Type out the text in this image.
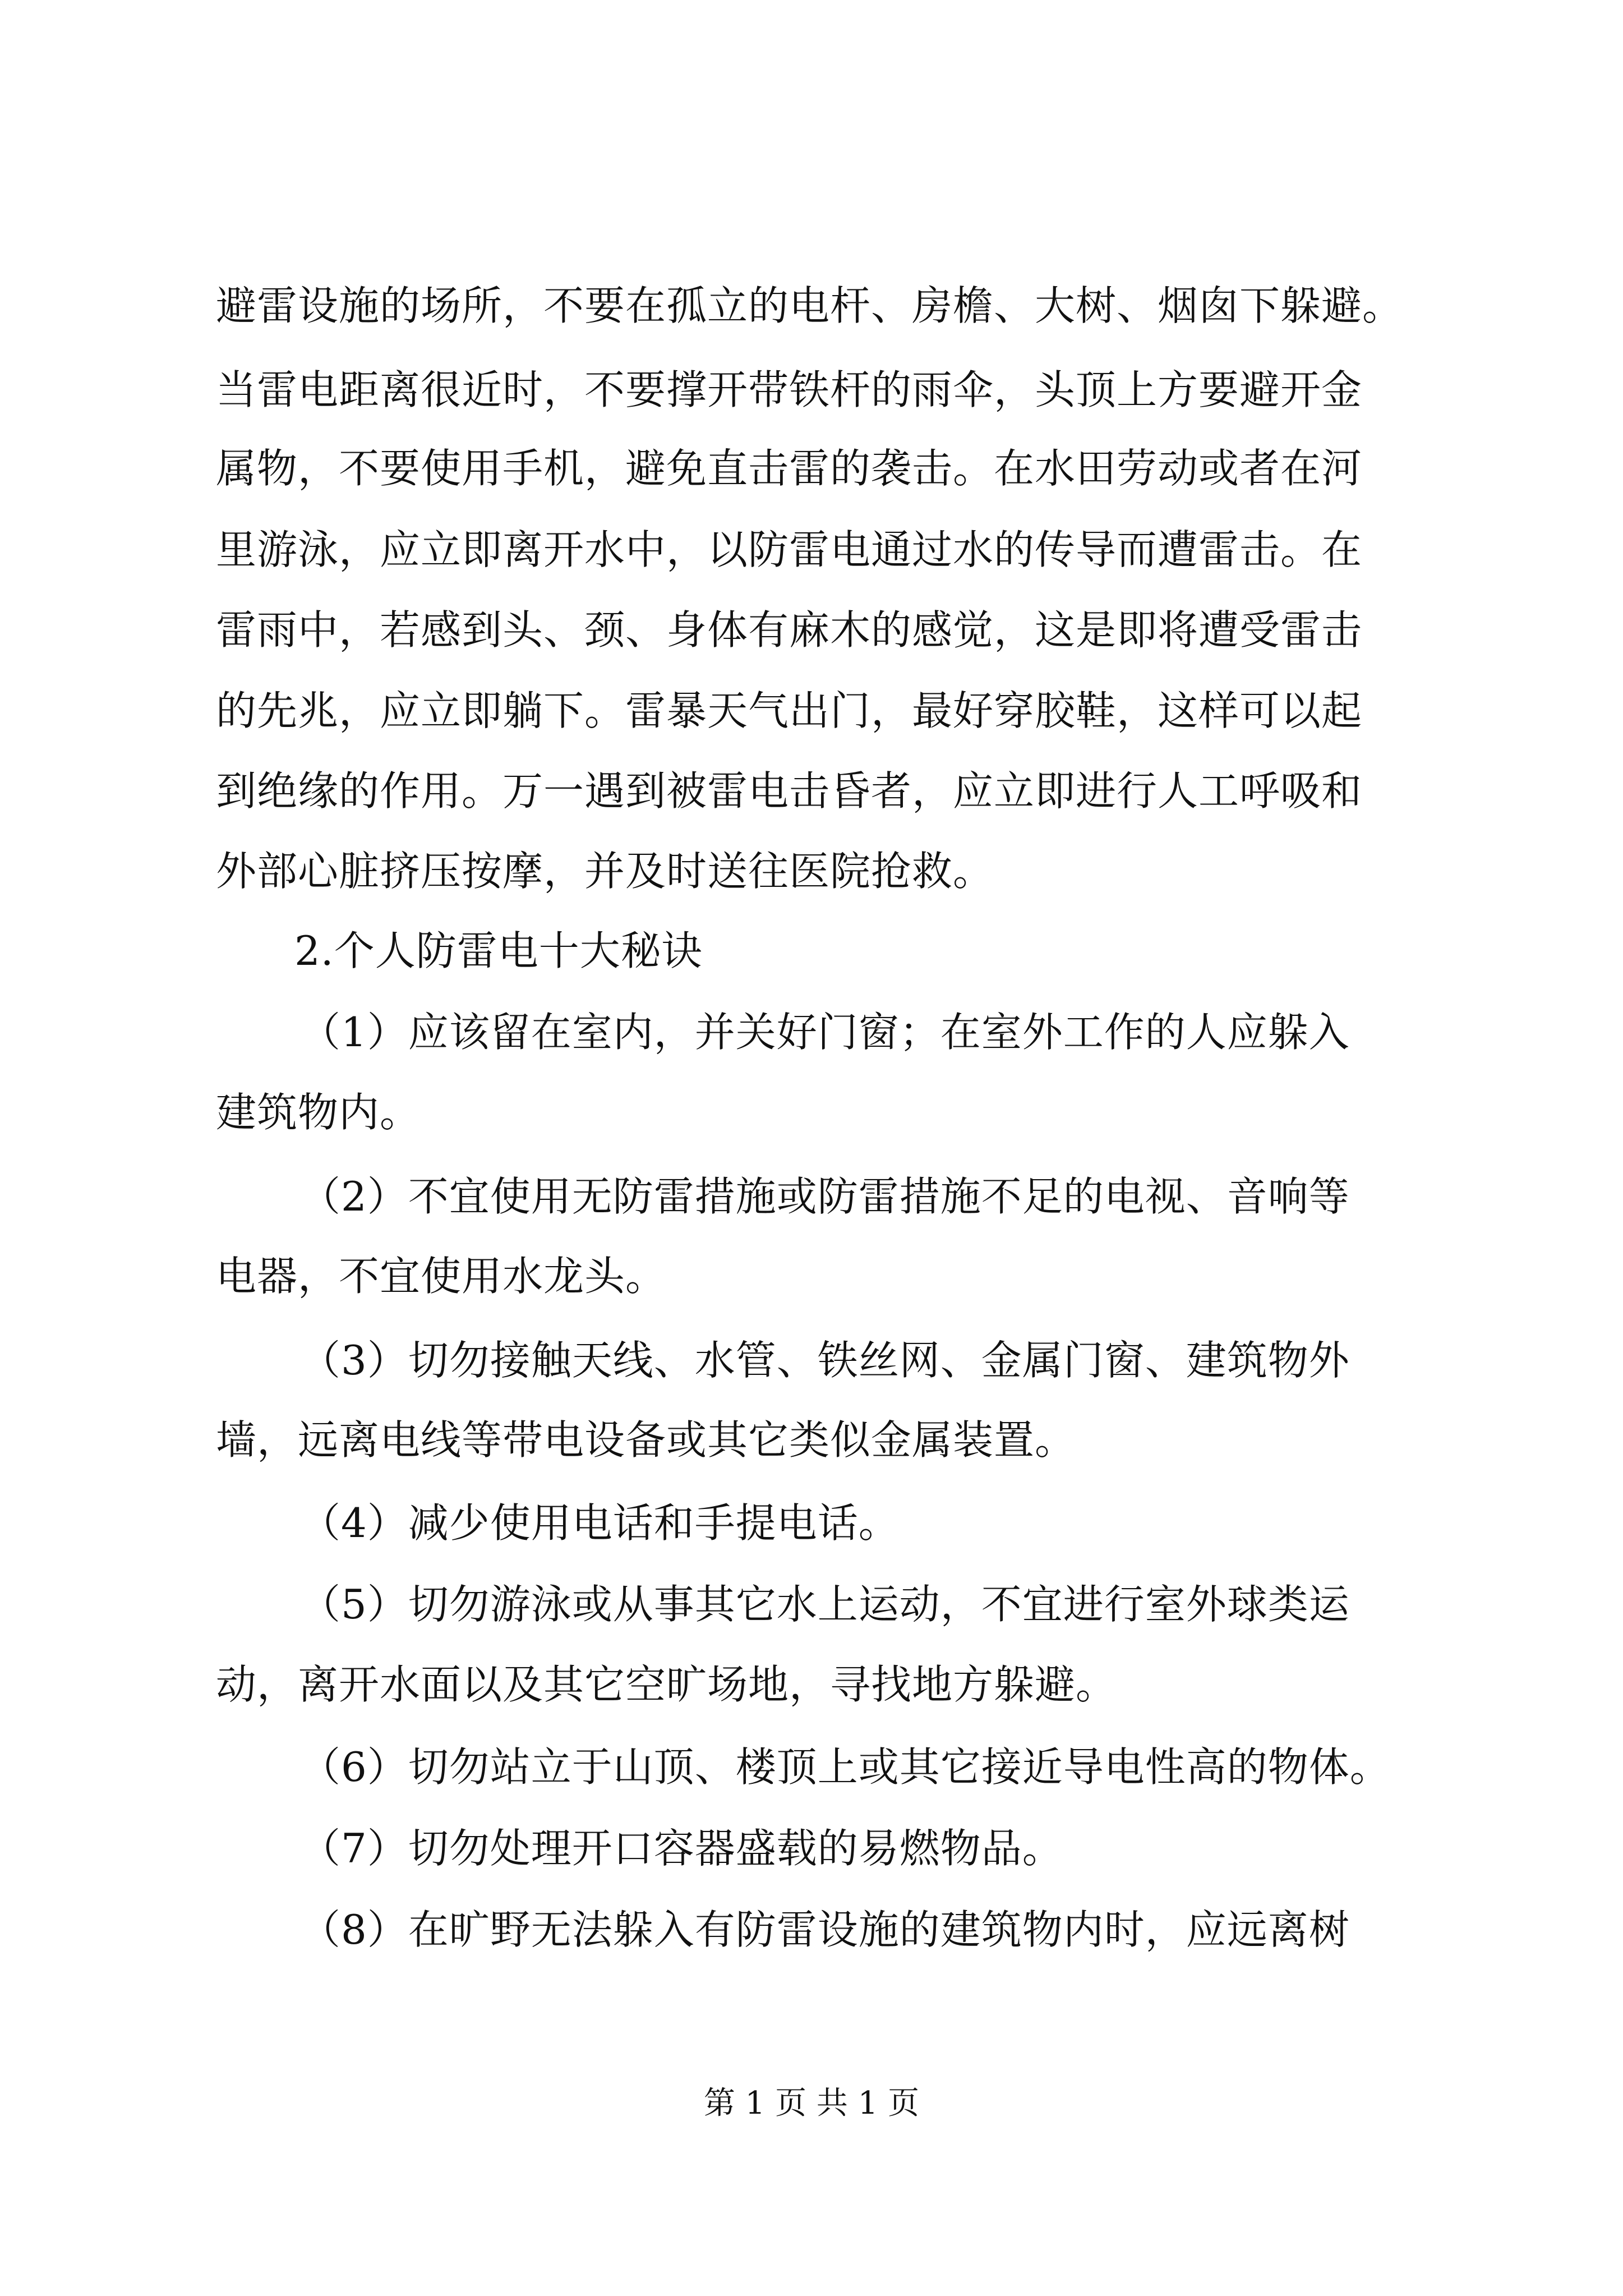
避雷设施的场所，不要在孤立的电杆、房檐、大树、烟囱下躲避。
当雷电距离很近时，不要撑开带铁杆的雨伞，头顶上方要避开金
属物，不要使用手机，避免直击雷的袭击。在水田劳动或者在河
里游泳，应立即离开水中，以防雷电通过水的传导而遭雷击。在
雷雨中，若感到头、颈、身体有麻木的感觉，这是即将遭受雷击
的先兆，应立即躺下。雷暴天气出门，最好穿胶鞋，这样可以起
到绝缘的作用。万一遇到被雷电击昏者，应立即进行人工呼吸和
外部心脏挤压按摩，并及时送往医院抢救。
2.个人防雷电十大秘诀
（1）应该留在室内，并关好门窗；在室外工作的人应躲入
建筑物内。
（2）不宜使用无防雷措施或防雷措施不足的电视、音响等
电器，不宜使用水龙头。
（3）切勿接触天线、水管、铁丝网、金属门窗、建筑物外
墙，远离电线等带电设备或其它类似金属装置。
（4）减少使用电话和手提电话。
（5）切勿游泳或从事其它水上运动，不宜进行室外球类运
动，离开水面以及其它空旷场地，寻找地方躲避。
（6）切勿站立于山顶、楼顶上或其它接近导电性高的物体。
（7）切勿处理开口容器盛载的易燃物品。
（8）在旷野无法躲入有防雷设施的建筑物内时，应远离树
第 1 页 共 1 页
